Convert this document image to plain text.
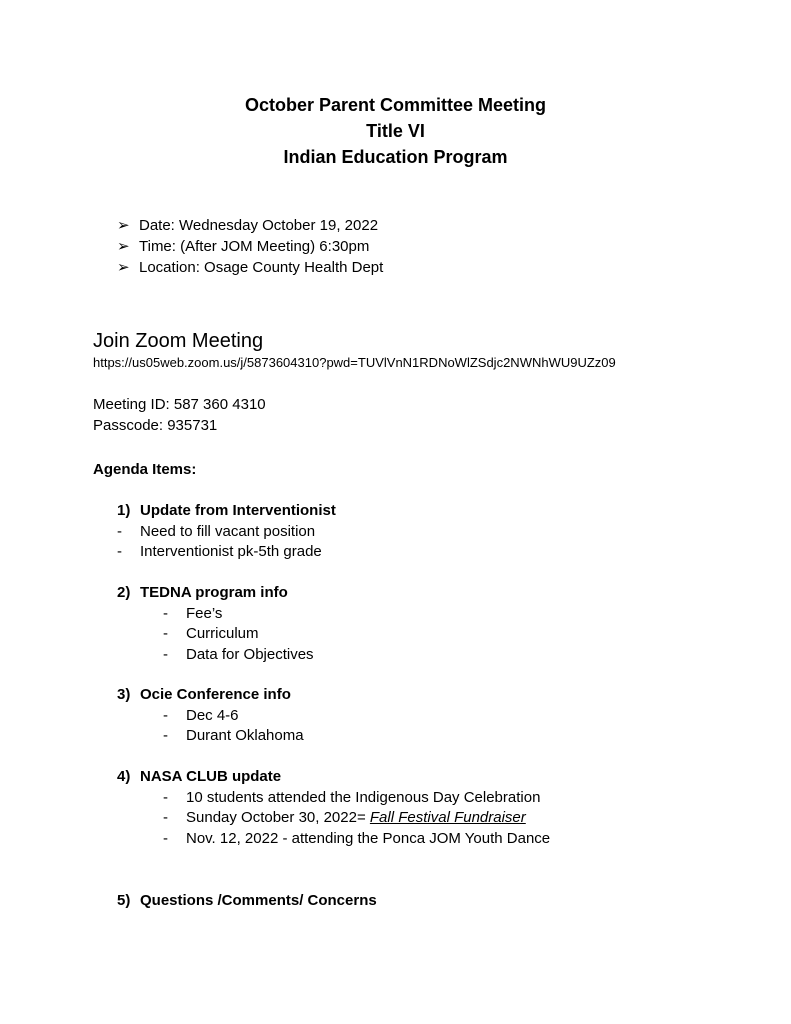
October Parent Committee Meeting
Title VI
Indian Education Program
➢ Date: Wednesday October 19, 2022
➢ Time: (After JOM Meeting) 6:30pm
➢ Location: Osage County Health Dept
Join Zoom Meeting
https://us05web.zoom.us/j/5873604310?pwd=TUVlVnN1RDNoWlZSdjc2NWNhWU9UZz09
Meeting ID: 587 360 4310
Passcode: 935731
Agenda Items:
1) Update from Interventionist
-	Need to fill vacant position
-	Interventionist pk-5th grade
2) TEDNA program info
-	Fee’s
-	Curriculum
-	Data for Objectives
3) Ocie Conference info
-	Dec 4-6
-	Durant Oklahoma
4) NASA CLUB update
-	10 students attended the Indigenous Day Celebration
-	Sunday October 30, 2022= Fall Festival Fundraiser
-	Nov. 12, 2022 - attending the Ponca JOM Youth Dance
5) Questions /Comments/ Concerns
